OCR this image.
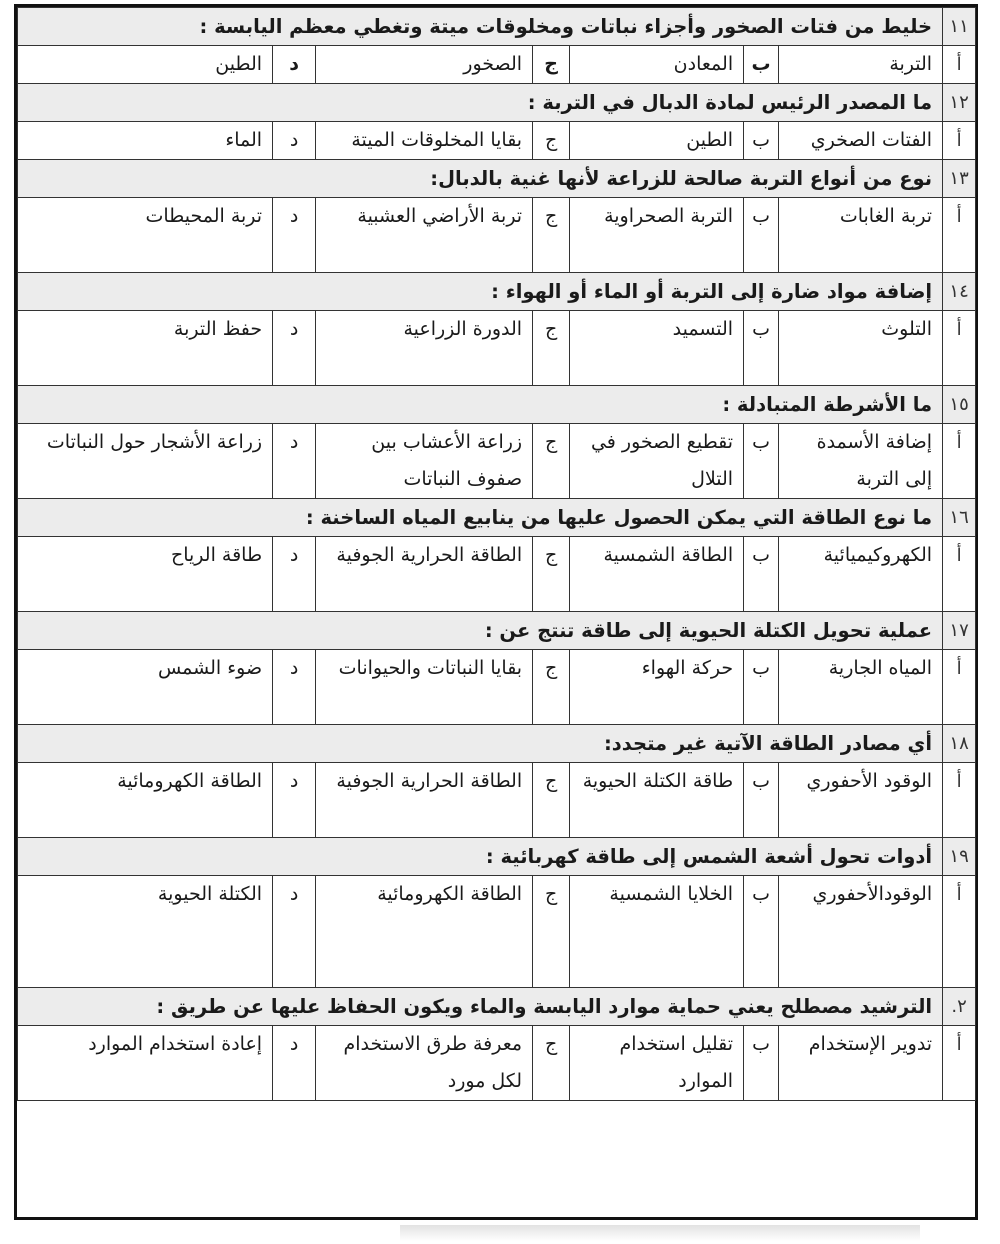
١١	خليط من فتات الصخور وأجزاء نباتات ومخلوقات ميتة وتغطي معظم اليابسة :						
أ	التربة	ب	المعادن	ج	الصخور	د	الطين
١٢	ما المصدر الرئيس لمادة الدبال في التربة :						
أ	الفتات الصخري	ب	الطين	ج	بقايا المخلوقات الميتة	د	الماء
١٣	نوع من أنواع التربة صالحة للزراعة لأنها غنية بالدبال:						
أ	تربة الغابات	ب	التربة الصحراوية	ج	تربة الأراضي العشبية	د	تربة المحيطات
١٤	إضافة مواد ضارة إلى التربة أو الماء أو الهواء :						
أ	التلوث	ب	التسميد	ج	الدورة الزراعية	د	حفظ التربة
١٥	ما الأشرطة المتبادلة :						
أ	إضافة الأسمدة إلى التربة	ب	تقطيع الصخور في التلال	ج	زراعة الأعشاب بين صفوف النباتات	د	زراعة الأشجار حول النباتات
١٦	ما نوع الطاقة التي يمكن الحصول عليها من ينابيع المياه الساخنة :						
أ	الكهروكيميائية	ب	الطاقة الشمسية	ج	الطاقة الحرارية الجوفية	د	طاقة الرياح
١٧	عملية تحويل الكتلة الحيوية إلى طاقة تنتج عن :						
أ	المياه الجارية	ب	حركة الهواء	ج	بقايا النباتات والحيوانات	د	ضوء الشمس
١٨	أي مصادر الطاقة الآتية غير متجدد:						
أ	الوقود الأحفوري	ب	طاقة الكتلة الحيوية	ج	الطاقة الحرارية الجوفية	د	الطاقة الكهرومائية
١٩	أدوات تحول أشعة الشمس إلى طاقة كهربائية :						
أ	الوقودالأحفوري	ب	الخلايا الشمسية	ج	الطاقة الكهرومائية	د	الكتلة الحيوية
٢.	الترشيد مصطلح يعني حماية موارد اليابسة والماء ويكون الحفاظ عليها عن طريق :						
أ	تدوير الإستخدام	ب	تقليل استخدام الموارد	ج	معرفة طرق الاستخدام لكل مورد	د	إعادة استخدام الموارد
